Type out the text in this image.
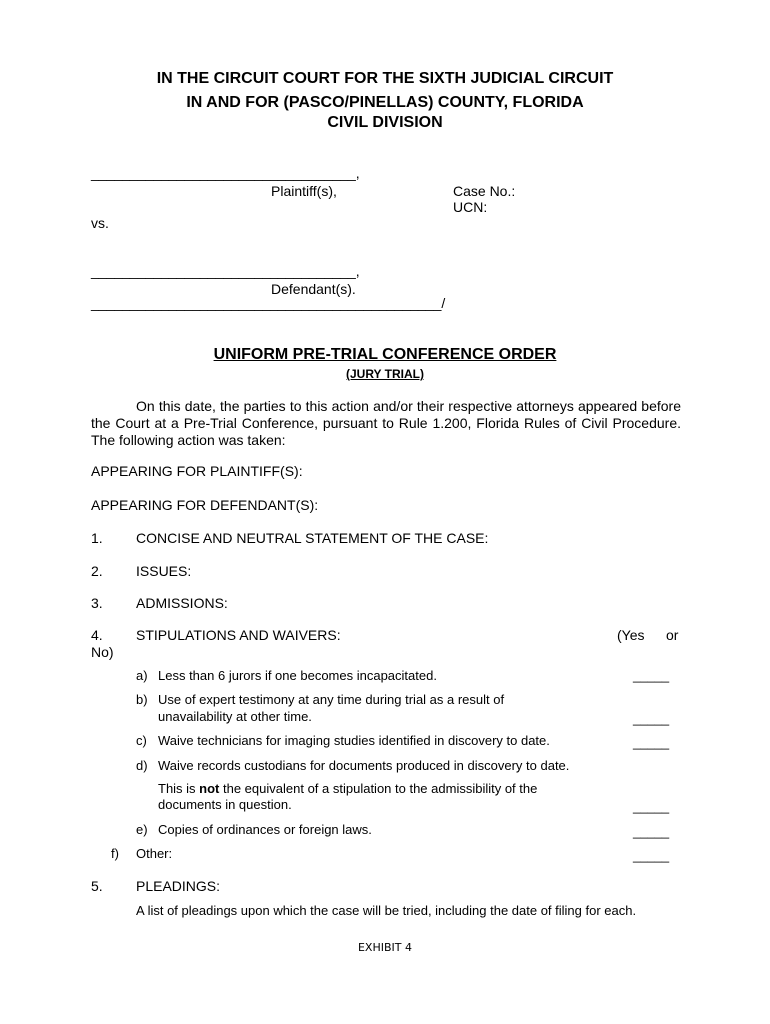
IN THE CIRCUIT COURT FOR THE SIXTH JUDICIAL CIRCUIT
IN AND FOR (PASCO/PINELLAS) COUNTY, FLORIDA
CIVIL DIVISION
__________________________________,
Plaintiff(s),	Case No.:
UCN:
vs.
__________________________________,
Defendant(s).
_____________________________________________/
UNIFORM PRE-TRIAL CONFERENCE ORDER
(JURY TRIAL)
On this date, the parties to this action and/or their respective attorneys appeared before the Court at a Pre-Trial Conference, pursuant to Rule 1.200, Florida Rules of Civil Procedure. The following action was taken:
APPEARING FOR PLAINTIFF(S):
APPEARING FOR DEFENDANT(S):
1. CONCISE AND NEUTRAL STATEMENT OF THE CASE:
2. ISSUES:
3. ADMISSIONS:
4. STIPULATIONS AND WAIVERS:	(Yes or
No)
a) Less than 6 jurors if one becomes incapacitated.	_____
b) Use of expert testimony at any time during trial as a result of
unavailability at other time.	_____
c) Waive technicians for imaging studies identified in discovery to date.	_____
d) Waive records custodians for documents produced in discovery to date.
This is not the equivalent of a stipulation to the admissibility of the
documents in question.	_____
e) Copies of ordinances or foreign laws.	_____
f) Other:	_____
5. PLEADINGS:
A list of pleadings upon which the case will be tried, including the date of filing for each.
EXHIBIT 4
